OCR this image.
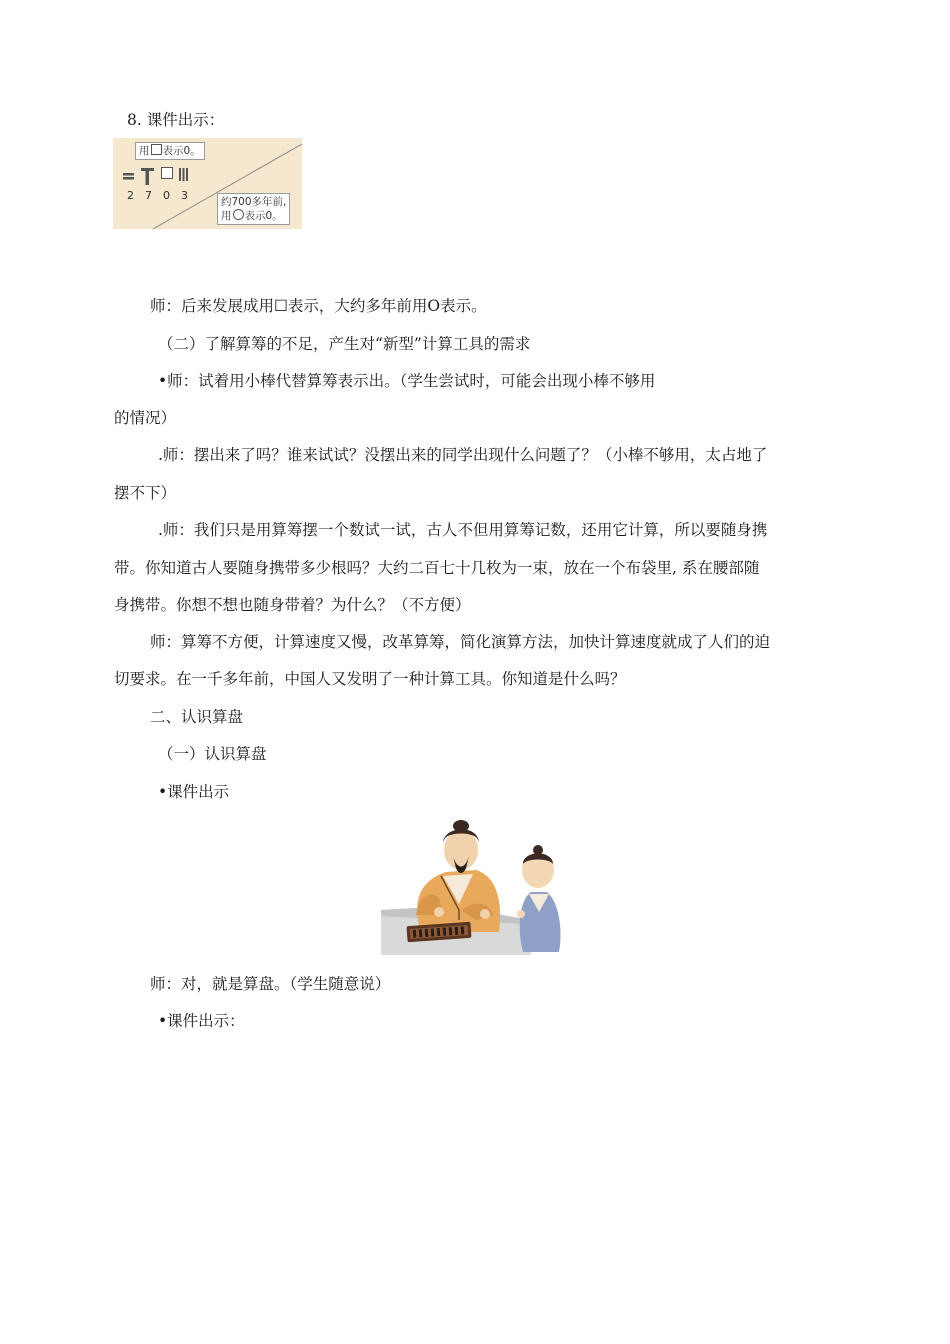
8. 课件出示：
用 表示0。
2 7 0 3	约700多年前,
用 表示0。
师：后来发展成用☐表示，大约多年前用O表示。
（二）了解算筹的不足，产生对“新型”计算工具的需求
•师：试着用小棒代替算筹表示出。（学生尝试时，可能会出现小棒不够用
的情况）
.师：摆出来了吗？谁来试试？没摆出来的同学出现什么问题了？（小棒不够用，太占地了
摆不下）
.师：我们只是用算筹摆一个数试一试，古人不但用算筹记数，还用它计算，所以要随身携
带。你知道古人要随身携带多少根吗？大约二百七十几枚为一束，放在一个布袋里, 系在腰部随
身携带。你想不想也随身带着？为什么？（不方便）
师：算筹不方便，计算速度又慢，改革算筹，简化演算方法，加快计算速度就成了人们的迫
切要求。在一千多年前，中国人又发明了一种计算工具。你知道是什么吗？
二、认识算盘
（一）认识算盘
•课件出示
师：对，就是算盘。（学生随意说）
•课件出示：
